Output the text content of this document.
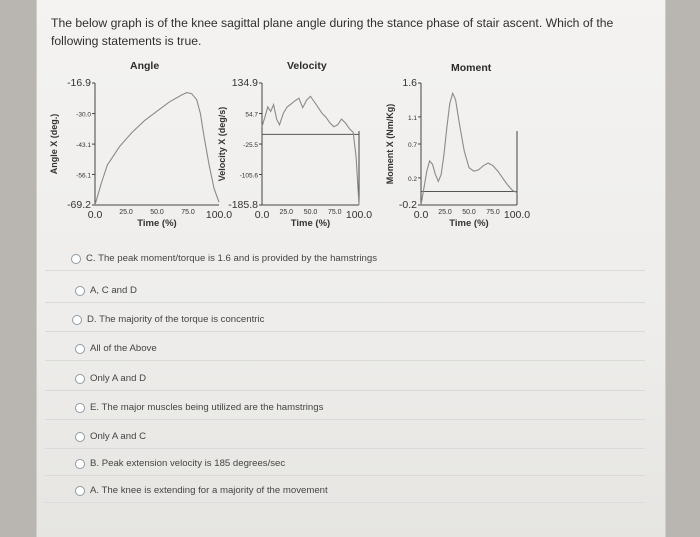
The below graph is of the knee sagittal plane angle during the stance phase of stair ascent. Which of the following statements is true.
Angle	Velocity	Moment
-16.9
-30.0
-43.1
-56.1
-69.2
0.0 25.0 50.0 75.0 100.0
Time (%)
Angle X (deg.)
134.9
54.7
-25.5
-105.6
-185.8
0.0 25.0 50.0 75.0 100.0
Time (%)
Velocity X (deg/s)
1.6
1.1
0.7
0.2
-0.2
0.0 25.0 50.0 75.0 100.0
Time (%)
Moment X (Nm/Kg)
C. The peak moment/torque is 1.6 and is provided by the hamstrings
A, C and D
D. The majority of the torque is concentric
All of the Above
Only A and D
E. The major muscles being utilized are the hamstrings
Only A and C
B. Peak extension velocity is 185 degrees/sec
A. The knee is extending for a majority of the movement
